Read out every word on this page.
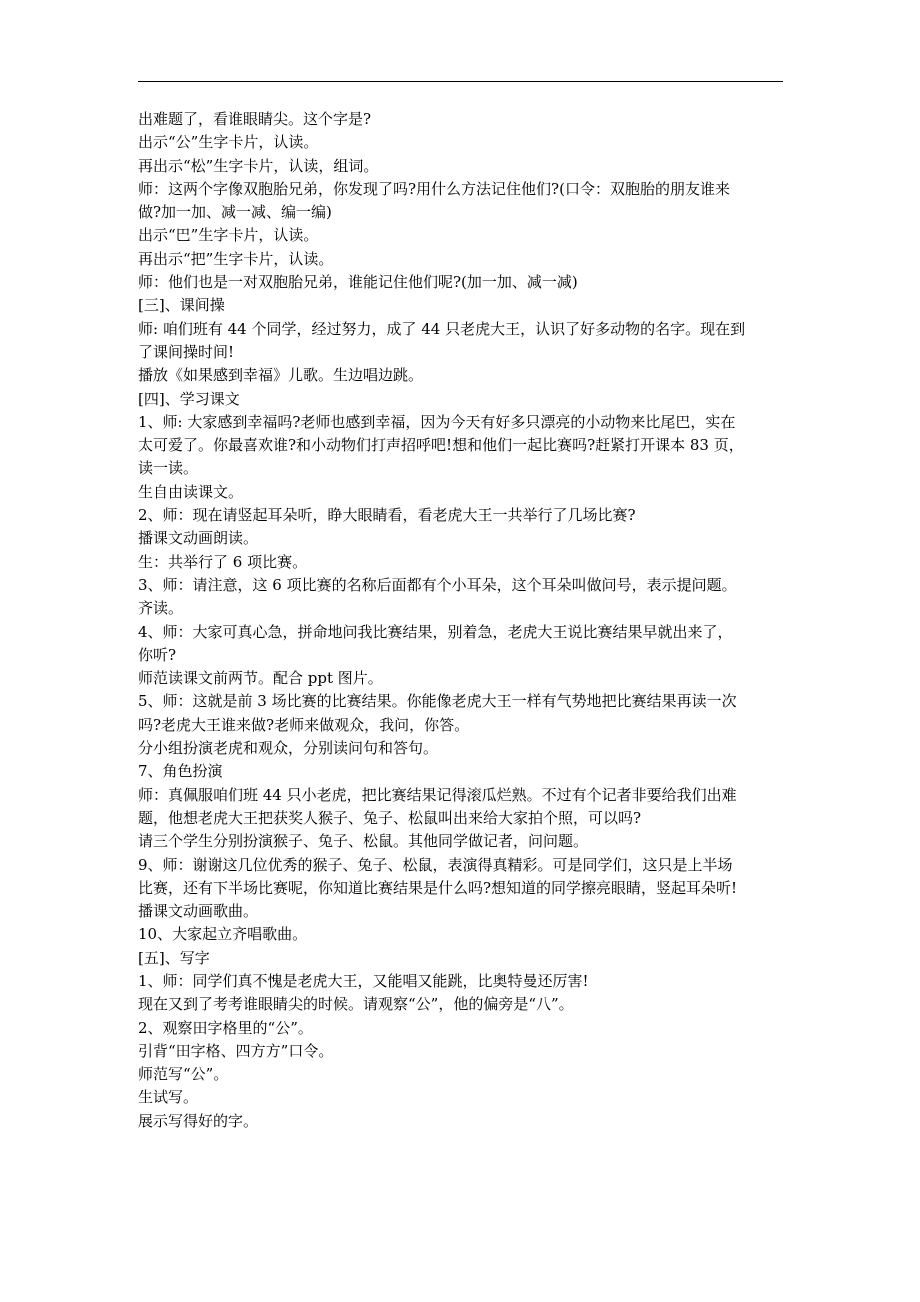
出难题了，看谁眼睛尖。这个字是?
出示“公”生字卡片，认读。
再出示“松”生字卡片，认读，组词。
师：这两个字像双胞胎兄弟，你发现了吗?用什么方法记住他们?(口令：双胞胎的朋友谁来
做?加一加、减一减、编一编)
出示“巴”生字卡片，认读。
再出示“把”生字卡片，认读。
师：他们也是一对双胞胎兄弟，谁能记住他们呢?(加一加、减一减)
[三]、课间操
师: 咱们班有 44 个同学，经过努力，成了 44 只老虎大王，认识了好多动物的名字。现在到
了课间操时间!
播放《如果感到幸福》儿歌。生边唱边跳。
[四]、学习课文
1、师: 大家感到幸福吗?老师也感到幸福，因为今天有好多只漂亮的小动物来比尾巴，实在
太可爱了。你最喜欢谁?和小动物们打声招呼吧!想和他们一起比赛吗?赶紧打开课本 83 页，
读一读。
生自由读课文。
2、师：现在请竖起耳朵听，睁大眼睛看，看老虎大王一共举行了几场比赛?
播课文动画朗读。
生：共举行了 6 项比赛。
3、师：请注意，这 6 项比赛的名称后面都有个小耳朵，这个耳朵叫做问号，表示提问题。
齐读。
4、师：大家可真心急，拼命地问我比赛结果，别着急，老虎大王说比赛结果早就出来了，
你听?
师范读课文前两节。配合 ppt 图片。
5、师：这就是前 3 场比赛的比赛结果。你能像老虎大王一样有气势地把比赛结果再读一次
吗?老虎大王谁来做?老师来做观众，我问，你答。
分小组扮演老虎和观众，分别读问句和答句。
7、角色扮演
师：真佩服咱们班 44 只小老虎，把比赛结果记得滚瓜烂熟。不过有个记者非要给我们出难
题，他想老虎大王把获奖人猴子、兔子、松鼠叫出来给大家拍个照，可以吗?
请三个学生分别扮演猴子、兔子、松鼠。其他同学做记者，问问题。
9、师：谢谢这几位优秀的猴子、兔子、松鼠，表演得真精彩。可是同学们，这只是上半场
比赛，还有下半场比赛呢，你知道比赛结果是什么吗?想知道的同学擦亮眼睛，竖起耳朵听!
播课文动画歌曲。
10、大家起立齐唱歌曲。
[五]、写字
1、师：同学们真不愧是老虎大王，又能唱又能跳，比奥特曼还厉害!
现在又到了考考谁眼睛尖的时候。请观察“公”，他的偏旁是“八”。
2、观察田字格里的“公”。
引背“田字格、四方方”口令。
师范写“公”。
生试写。
展示写得好的字。
